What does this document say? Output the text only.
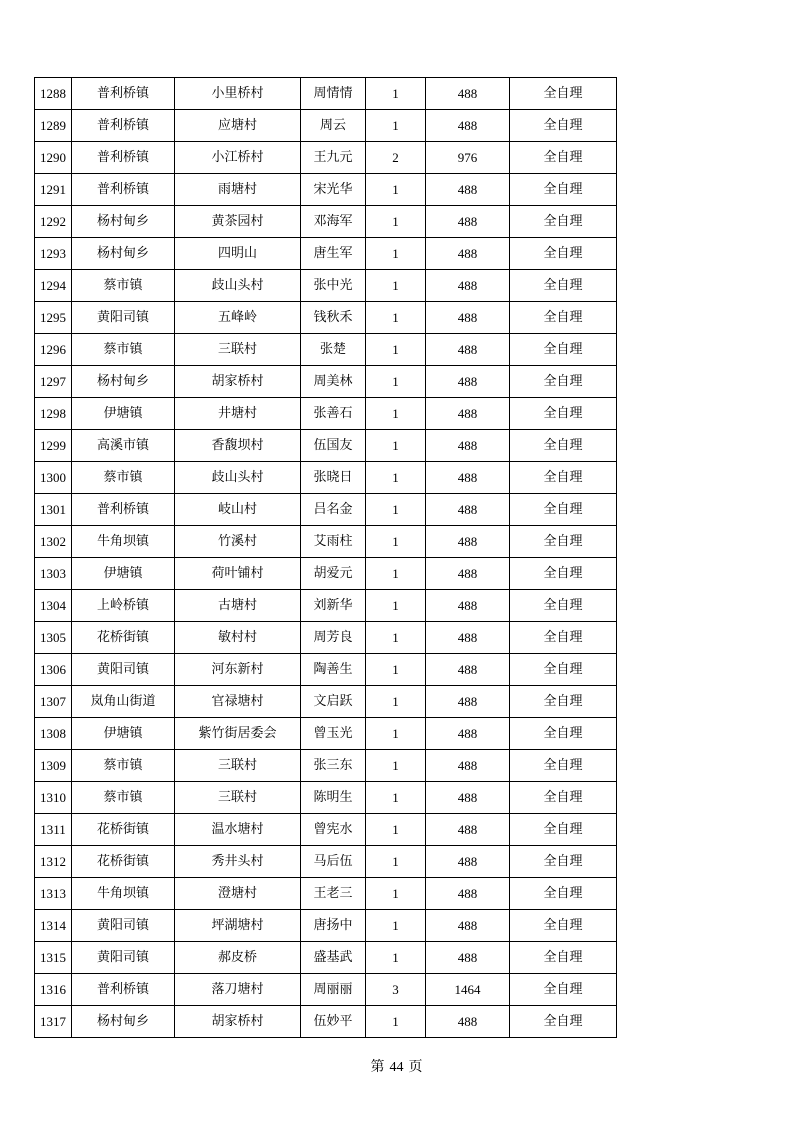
1288	普利桥镇	小里桥村	周情情	1	488	全自理
1289	普利桥镇	应塘村	周云	1	488	全自理
1290	普利桥镇	小江桥村	王九元	2	976	全自理
1291	普利桥镇	雨塘村	宋光华	1	488	全自理
1292	杨村甸乡	黄茶园村	邓海军	1	488	全自理
1293	杨村甸乡	四明山	唐生军	1	488	全自理
1294	蔡市镇	歧山头村	张中光	1	488	全自理
1295	黄阳司镇	五峰岭	钱秋禾	1	488	全自理
1296	蔡市镇	三联村	张楚	1	488	全自理
1297	杨村甸乡	胡家桥村	周美林	1	488	全自理
1298	伊塘镇	井塘村	张善石	1	488	全自理
1299	高溪市镇	香馥坝村	伍国友	1	488	全自理
1300	蔡市镇	歧山头村	张晓日	1	488	全自理
1301	普利桥镇	岐山村	吕名金	1	488	全自理
1302	牛角坝镇	竹溪村	艾雨柱	1	488	全自理
1303	伊塘镇	荷叶铺村	胡爱元	1	488	全自理
1304	上岭桥镇	古塘村	刘新华	1	488	全自理
1305	花桥街镇	敏村村	周芳良	1	488	全自理
1306	黄阳司镇	河东新村	陶善生	1	488	全自理
1307	岚角山街道	官禄塘村	文启跃	1	488	全自理
1308	伊塘镇	紫竹街居委会	曾玉光	1	488	全自理
1309	蔡市镇	三联村	张三东	1	488	全自理
1310	蔡市镇	三联村	陈明生	1	488	全自理
1311	花桥街镇	温水塘村	曾宪水	1	488	全自理
1312	花桥街镇	秀井头村	马后伍	1	488	全自理
1313	牛角坝镇	澄塘村	王老三	1	488	全自理
1314	黄阳司镇	坪湖塘村	唐扬中	1	488	全自理
1315	黄阳司镇	郝皮桥	盛基武	1	488	全自理
1316	普利桥镇	落刀塘村	周丽丽	3	1464	全自理
1317	杨村甸乡	胡家桥村	伍妙平	1	488	全自理
第 44 页
